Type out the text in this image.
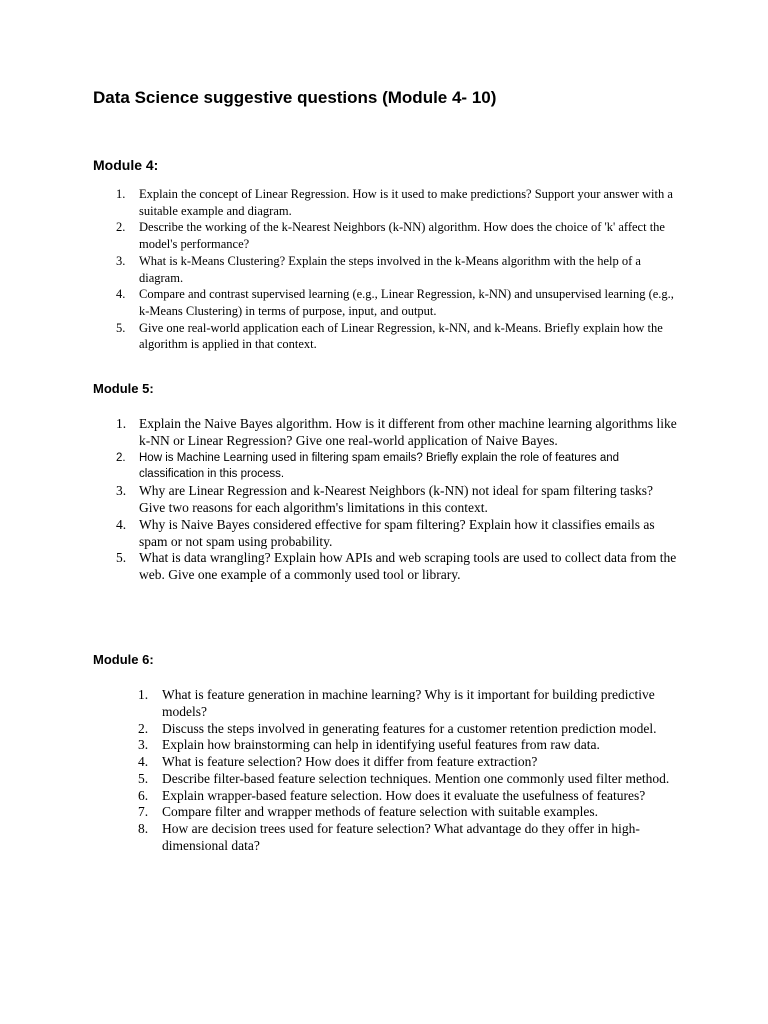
Data Science suggestive questions (Module 4- 10)
Module 4:
1. Explain the concept of Linear Regression. How is it used to make predictions? Support your answer with a suitable example and diagram.
2. Describe the working of the k-Nearest Neighbors (k-NN) algorithm. How does the choice of 'k' affect the model's performance?
3. What is k-Means Clustering? Explain the steps involved in the k-Means algorithm with the help of a diagram.
4. Compare and contrast supervised learning (e.g., Linear Regression, k-NN) and unsupervised learning (e.g., k-Means Clustering) in terms of purpose, input, and output.
5. Give one real-world application each of Linear Regression, k-NN, and k-Means. Briefly explain how the algorithm is applied in that context.
Module 5:
1. Explain the Naive Bayes algorithm. How is it different from other machine learning algorithms like k-NN or Linear Regression? Give one real-world application of Naive Bayes.
2. How is Machine Learning used in filtering spam emails? Briefly explain the role of features and classification in this process.
3. Why are Linear Regression and k-Nearest Neighbors (k-NN) not ideal for spam filtering tasks? Give two reasons for each algorithm's limitations in this context.
4. Why is Naive Bayes considered effective for spam filtering? Explain how it classifies emails as spam or not spam using probability.
5. What is data wrangling? Explain how APIs and web scraping tools are used to collect data from the web. Give one example of a commonly used tool or library.
Module 6:
1. What is feature generation in machine learning? Why is it important for building predictive models?
2. Discuss the steps involved in generating features for a customer retention prediction model.
3. Explain how brainstorming can help in identifying useful features from raw data.
4. What is feature selection? How does it differ from feature extraction?
5. Describe filter-based feature selection techniques. Mention one commonly used filter method.
6. Explain wrapper-based feature selection. How does it evaluate the usefulness of features?
7. Compare filter and wrapper methods of feature selection with suitable examples.
8. How are decision trees used for feature selection? What advantage do they offer in high-dimensional data?
